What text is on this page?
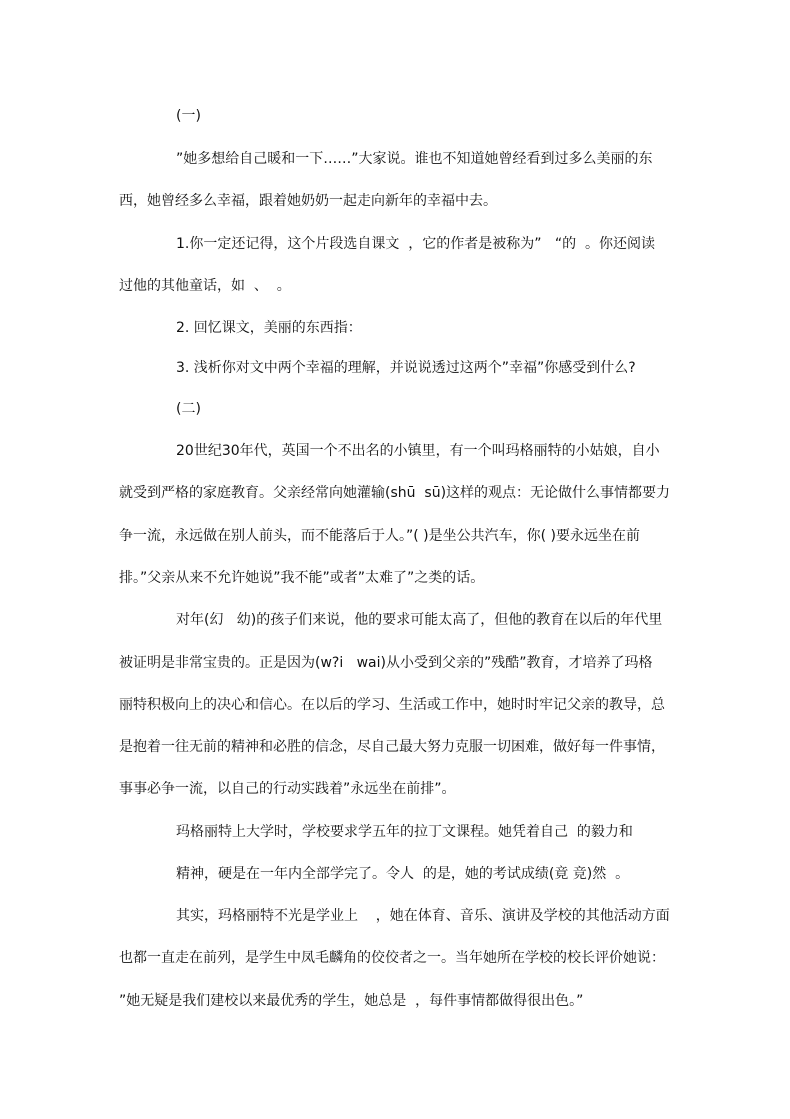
(一)

”她多想给自己暖和一下……”大家说。谁也不知道她曾经看到过多么美丽的东

西，她曾经多么幸福，跟着她奶奶一起走向新年的幸福中去。

1.你一定还记得，这个片段选自课文  ，它的作者是被称为”   “的  。你还阅读

过他的其他童话，如  、  。

2. 回忆课文，美丽的东西指：

3. 浅析你对文中两个幸福的理解，并说说透过这两个”幸福”你感受到什么?

(二)

20世纪30年代，英国一个不出名的小镇里，有一个叫玛格丽特的小姑娘，自小

就受到严格的家庭教育。父亲经常向她灌输(shū  sū)这样的观点：无论做什么事情都要力

争一流，永远做在别人前头，而不能落后于人。”( )是坐公共汽车，你( )要永远坐在前

排。”父亲从来不允许她说”我不能”或者”太难了”之类的话。

对年(幻   幼)的孩子们来说，他的要求可能太高了，但他的教育在以后的年代里

被证明是非常宝贵的。正是因为(w?i   wai)从小受到父亲的”残酷”教育，才培养了玛格

丽特积极向上的决心和信心。在以后的学习、生活或工作中，她时时牢记父亲的教导，总

是抱着一往无前的精神和必胜的信念，尽自己最大努力克服一切困难，做好每一件事情，

事事必争一流，以自己的行动实践着”永远坐在前排”。

玛格丽特上大学时，学校要求学五年的拉丁文课程。她凭着自己  的毅力和

精神，硬是在一年内全部学完了。令人  的是，她的考试成绩(竟 竞)然  。

其实，玛格丽特不光是学业上    ，她在体育、音乐、演讲及学校的其他活动方面

也都一直走在前列，是学生中凤毛麟角的佼佼者之一。当年她所在学校的校长评价她说：

”她无疑是我们建校以来最优秀的学生，她总是  ，每件事情都做得很出色。”
